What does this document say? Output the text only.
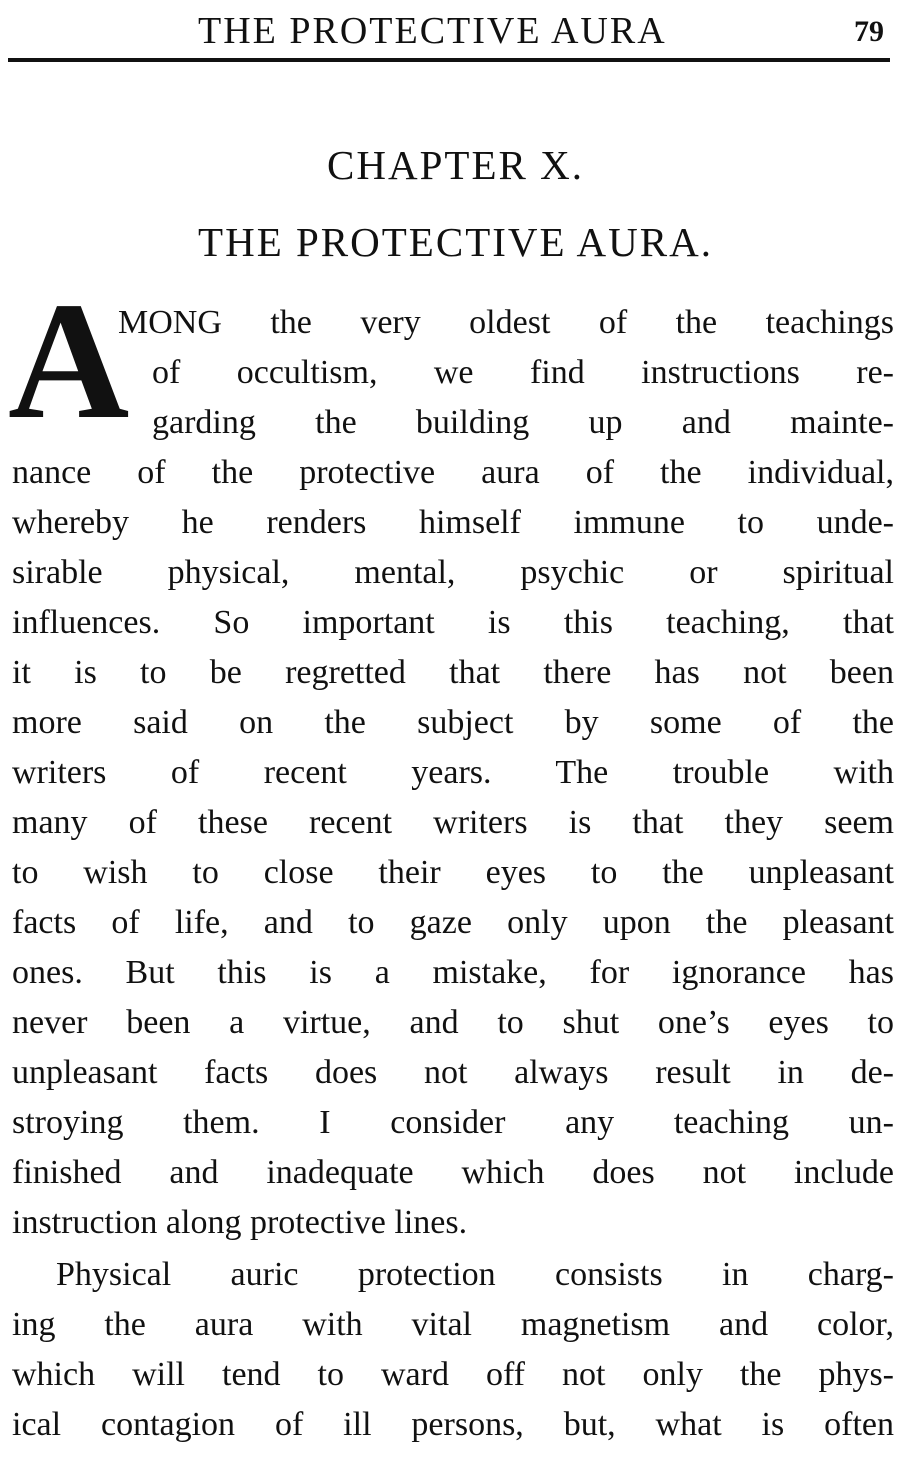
THE PROTECTIVE AURA	79
CHAPTER X.
THE PROTECTIVE AURA.
A
MONG the very oldest of the teachings
of occultism, we find instructions re-
garding the building up and mainte-
nance of the protective aura of the individual,
whereby he renders himself immune to unde-
sirable physical, mental, psychic or spiritual
influences. So important is this teaching, that
it is to be regretted that there has not been
more said on the subject by some of the
writers of recent years. The trouble with
many of these recent writers is that they seem
to wish to close their eyes to the unpleasant
facts of life, and to gaze only upon the pleasant
ones. But this is a mistake, for ignorance has
never been a virtue, and to shut one’s eyes to
unpleasant facts does not always result in de-
stroying them. I consider any teaching un-
finished and inadequate which does not include
instruction along protective lines.
Physical auric protection consists in charg-
ing the aura with vital magnetism and color,
which will tend to ward off not only the phys-
ical contagion of ill persons, but, what is often
